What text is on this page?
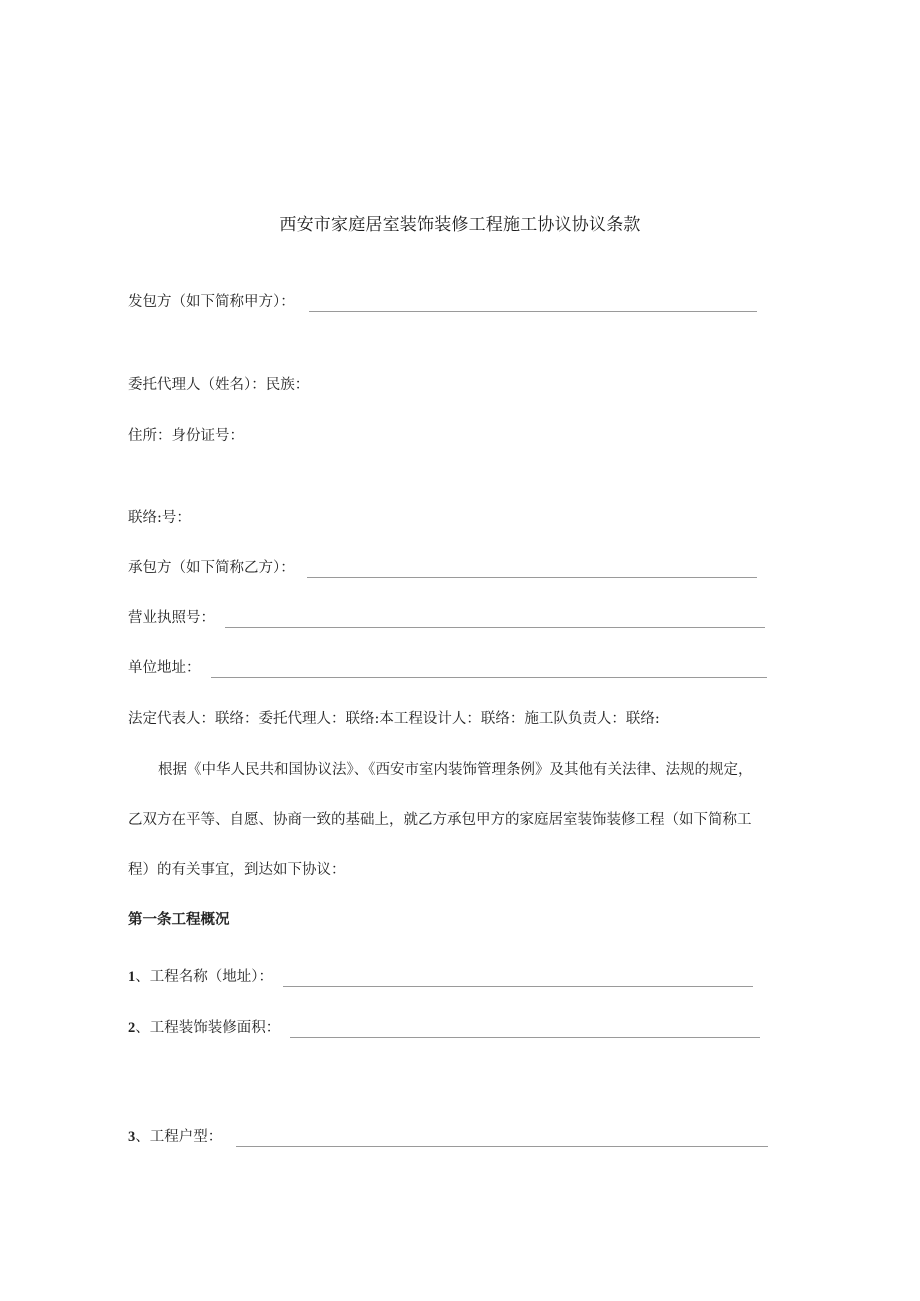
西安市家庭居室装饰装修工程施工协议协议条款
发包方（如下简称甲方）：
委托代理人（姓名）：民族：
住所：身份证号：
联络:号：
承包方（如下简称乙方）：
营业执照号：
单位地址：
法定代表人：联络：委托代理人：联络:本工程设计人：联络：施工队负责人：联络:
根据《中华人民共和国协议法》、《西安市室内装饰管理条例》及其他有关法律、法规的规定，
乙双方在平等、自愿、协商一致的基础上，就乙方承包甲方的家庭居室装饰装修工程（如下简称工
程）的有关事宜，到达如下协议：
第一条工程概况
1 、工程名称（地址）：
2 、工程装饰装修面积：
3 、工程户型：
